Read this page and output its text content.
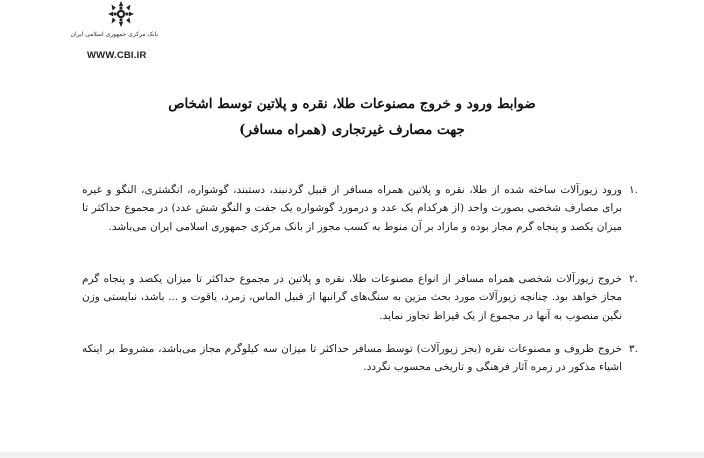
بانک مرکزی جمهوری اسلامی ایران
WWW.CBI.IR
ضوابط ورود و خروج مصنوعات طلا، نقره و پلاتین توسط اشخاص
جهت مصارف غیرتجاری (همراه مسافر)
.۱
ورود زیورآلات ساخته شده از طلا، نقره و پلاتین همراه مسافر از قبیل گردنبند، دستبند، گوشواره، انگشتری، النگو و غیره برای مصارف شخصی بصورت واحد (از هرکدام یک عدد و درمورد گوشواره یک جفت و النگو شش عدد) در مجموع حداکثر تا میزان یکصد و پنجاه گرم مجاز بوده و مازاد بر آن منوط به کسب مجوز از بانک مرکزی جمهوری اسلامی ایران می‌باشد.
.۲
خروج زیورآلات شخصی همراه مسافر از انواع مصنوعات طلا، نقره و پلاتین در مجموع حداکثر تا میزان یکصد و پنجاه گرم مجاز خواهد بود. چنانچه زیورآلات مورد بحث مزین به سنگ‌های گرانبها از قبیل الماس، زمرد، یاقوت و ... باشد، نبایستی وزن نگین منصوب به آنها در مجموع از یک قیراط تجاوز نماید.
.۳
خروج ظروف و مصنوعات نقره (بجز زیورآلات) توسط مسافر حداکثر تا میزان سه کیلوگرم مجاز می‌باشد، مشروط بر اینکه اشیاء مذکور در زمره آثار فرهنگی و تاریخی محسوب نگردد.
